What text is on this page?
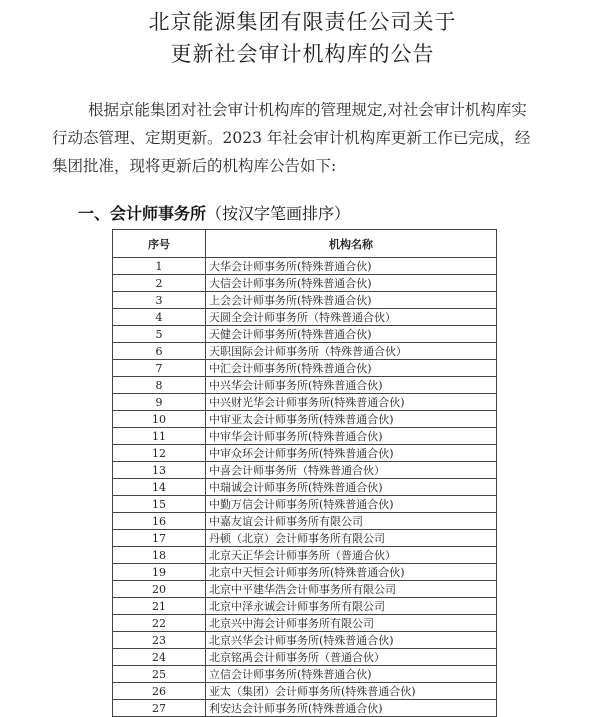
北京能源集团有限责任公司关于
更新社会审计机构库的公告
根据京能集团对社会审计机构库的管理规定,对社会审计机构库实
行动态管理、定期更新。2023 年社会审计机构库更新工作已完成，经
集团批准，现将更新后的机构库公告如下:
一、会计师事务所（按汉字笔画排序）
序号	机构名称
1	大华会计师事务所(特殊普通合伙)
2	大信会计师事务所(特殊普通合伙)
3	上会会计师事务所(特殊普通合伙)
4	天圆全会计师事务所（特殊普通合伙）
5	天健会计师事务所(特殊普通合伙)
6	天职国际会计师事务所（特殊普通合伙）
7	中汇会计师事务所(特殊普通合伙)
8	中兴华会计师事务所(特殊普通合伙)
9	中兴财光华会计师事务所(特殊普通合伙)
10	中审亚太会计师事务所(特殊普通合伙)
11	中审华会计师事务所(特殊普通合伙)
12	中审众环会计师事务所(特殊普通合伙)
13	中喜会计师事务所（特殊普通合伙）
14	中瑞诚会计师事务所(特殊普通合伙)
15	中勤万信会计师事务所(特殊普通合伙)
16	中嘉友谊会计师事务所有限公司
17	丹顿（北京）会计师事务所有限公司
18	北京天正华会计师事务所（普通合伙）
19	北京中天恒会计师事务所(特殊普通合伙)
20	北京中平建华浩会计师事务所有限公司
21	北京中泽永诚会计师事务所有限公司
22	北京兴中海会计师事务所有限公司
23	北京兴华会计师事务所(特殊普通合伙)
24	北京铭禹会计师事务所（普通合伙）
25	立信会计师事务所(特殊普通合伙)
26	亚太（集团）会计师事务所(特殊普通合伙)
27	利安达会计师事务所(特殊普通合伙)
